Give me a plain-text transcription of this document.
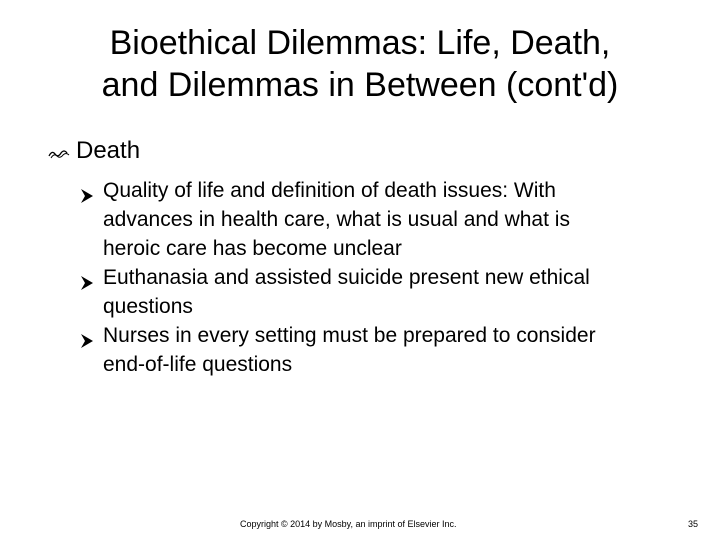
Bioethical Dilemmas: Life, Death,
and Dilemmas in Between (cont'd)
Death
Quality of life and definition of death issues: With
advances in health care, what is usual and what is
heroic care has become unclear
Euthanasia and assisted suicide present new ethical
questions
Nurses in every setting must be prepared to consider
end-of-life questions
Copyright © 2014 by Mosby, an imprint of Elsevier Inc.	35
